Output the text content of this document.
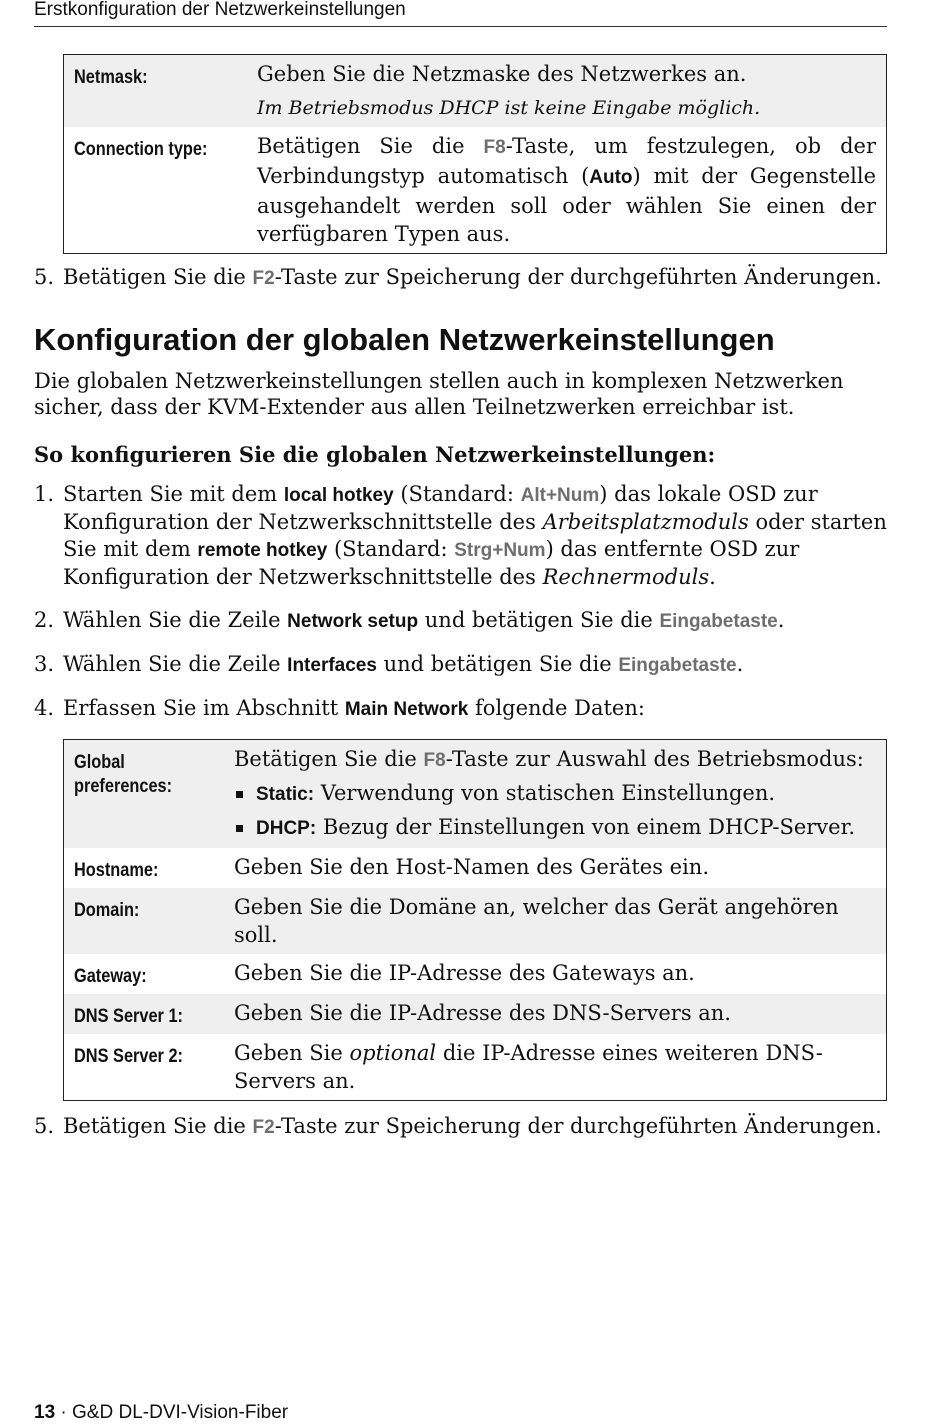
Erstkonfiguration der Netzwerkeinstellungen
Netmask:	Geben Sie die Netzmaske des Netzwerkes an.
Im Betriebsmodus DHCP ist keine Eingabe möglich.

Connection type:	Betätigen Sie die F8-Taste, um festzulegen, ob der Verbindungstyp automatisch (Auto) mit der Gegenstelle ausgehandelt werden soll oder wählen Sie einen der verfügbaren Typen aus.
5. Betätigen Sie die F2-Taste zur Speicherung der durchgeführten Änderungen.
Konfiguration der globalen Netzwerkeinstellungen

Die globalen Netzwerkeinstellungen stellen auch in komplexen Netzwerken sicher, dass der KVM-Extender aus allen Teilnetzwerken erreichbar ist.

So konfigurieren Sie die globalen Netzwerkeinstellungen:

1. Starten Sie mit dem local hotkey (Standard: Alt+Num) das lokale OSD zur Konfiguration der Netzwerkschnittstelle des Arbeitsplatzmoduls oder starten Sie mit dem remote hotkey (Standard: Strg+Num) das entfernte OSD zur Konfiguration der Netzwerkschnittstelle des Rechnermoduls.
2. Wählen Sie die Zeile Network setup und betätigen Sie die Eingabetaste.
3. Wählen Sie die Zeile Interfaces und betätigen Sie die Eingabetaste.
4. Erfassen Sie im Abschnitt Main Network folgende Daten:
Global preferences:	Betätigen Sie die F8-Taste zur Auswahl des Betriebsmodus:
Static: Verwendung von statischen Einstellungen.
DHCP: Bezug der Einstellungen von einem DHCP-Server.

Hostname:	Geben Sie den Host-Namen des Gerätes ein.

Domain:	Geben Sie die Domäne an, welcher das Gerät angehören soll.

Gateway:	Geben Sie die IP-Adresse des Gateways an.

DNS Server 1:	Geben Sie die IP-Adresse des DNS-Servers an.

DNS Server 2:	Geben Sie optional die IP-Adresse eines weiteren DNS-Servers an.
5. Betätigen Sie die F2-Taste zur Speicherung der durchgeführten Änderungen.
13 · G&D DL-DVI-Vision-Fiber
